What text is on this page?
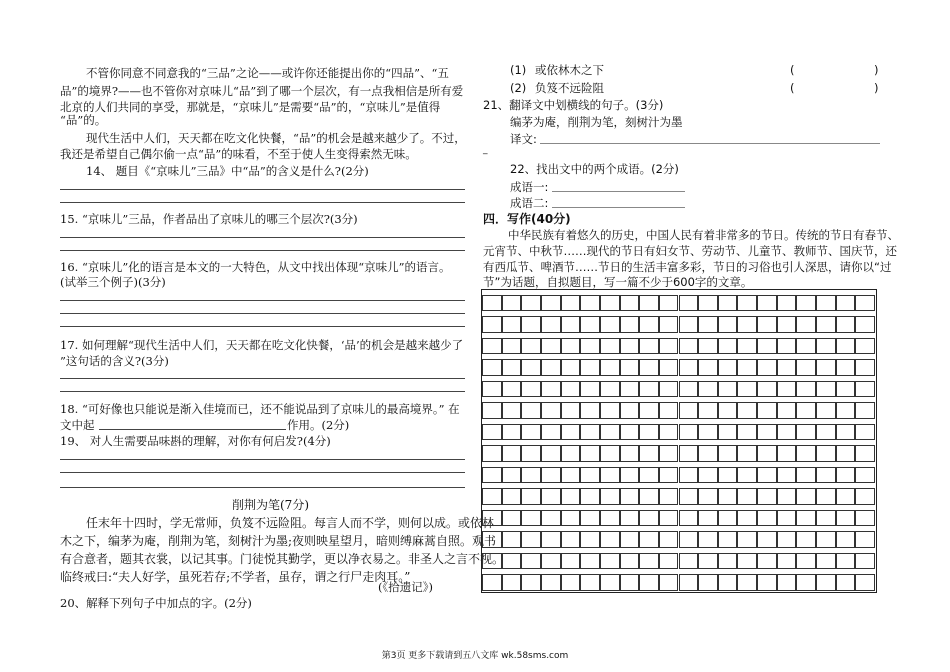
不管你同意不同意我的“三品”之论——或许你还能提出你的“四品”、“五
品”的境界?——也不管你对京味儿“品”到了哪一个层次，有一点我相信是所有爱
北京的人们共同的享受，那就是，“京味儿”是需要“品”的，“京味儿”是值得
“品”的。
现代生活中人们，天天都在吃文化快餐，“品”的机会是越来越少了。不过，
我还是希望自己偶尔偷一点“品”的味看，不至于使人生变得索然无味。
14、 题目《“京味儿”三品》中“品”的含义是什么?(2分)
15. “京味儿”三品，作者品出了京味儿的哪三个层次?(3分)
16. “京味儿”化的语言是本文的一大特色，从文中找出体现“京味儿”的语言。
(试举三个例子)(3分)
17. 如何理解“现代生活中人们，天天都在吃文化快餐，‘品’的机会是越来越少了
”这句话的含义?(3分)
18. “可好像也只能说是渐入佳境而已，还不能说品到了京味儿的最高境界。” 在
文中起	作用。(2分)
19、 对人生需要品味斟的理解，对你有何启发?(4分)
削荆为笔(7分)
任末年十四时，学无常师，负笈不远险阻。每言人而不学，则何以成。或依林
木之下，编茅为庵，削荆为笔，刻树汁为墨;夜则映星望月，暗则缚麻蒿自照。观书
有合意者，题其衣裳，以记其事。门徒悦其勤学，更以净衣易之。非圣人之言不视。
临终戒曰:“夫人好学，虽死若存;不学者，虽存，谓之行尸走肉耳。”
(《拾遗记》)
20、解释下列句子中加点的字。(2分)
(1) 或依林木之下	(	)
(2) 负笈不远险阻	(	)
21、翻译文中划横线的句子。(3分)
编茅为庵，削荆为笔，刻树汁为墨
译文:
_
22、找出文中的两个成语。(2分)
成语一:
成语二:
四．写作(40分)
中华民族有着悠久的历史，中国人民有着非常多的节日。传统的节日有春节、
元宵节、中秋节……现代的节日有妇女节、劳动节、儿童节、教师节、国庆节，还
有西瓜节、啤酒节……节日的生活丰富多彩，节日的习俗也引人深思，请你以“过
节”为话题，自拟题目，写一篇不少于600字的文章。
第3页 更多下载请到五八文库 wk.58sms.com
